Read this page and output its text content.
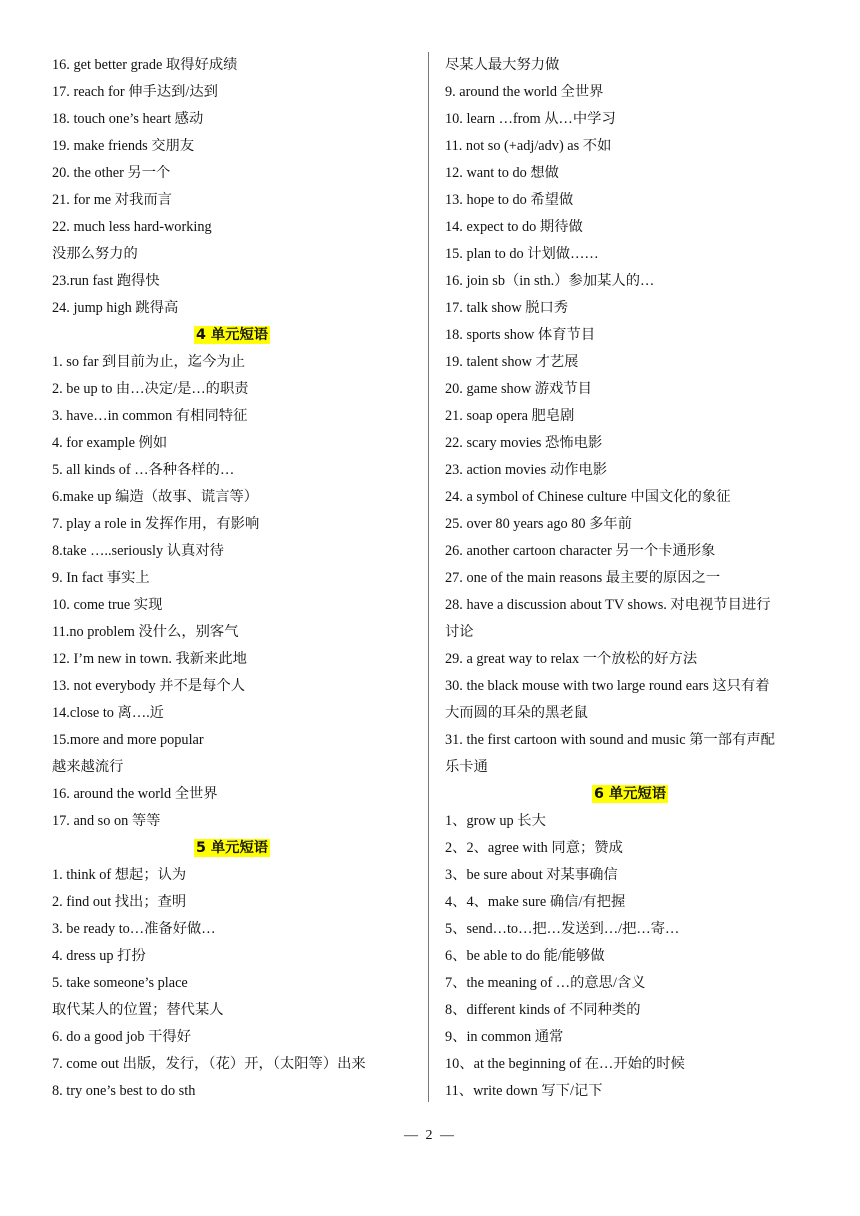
16. get better grade 取得好成绩
17. reach for 伸手达到/达到
18. touch one’s heart 感动
19. make friends 交朋友
20. the other 另一个
21. for me 对我而言
22. much less hard-working
没那么努力的
23.run fast 跑得快
24. jump high 跳得高
4 单元短语
1. so far 到目前为止，迄今为止
2. be up to 由…决定/是…的职责
3. have…in common 有相同特征
4. for example 例如
5. all kinds of …各种各样的…
6.make up 编造（故事、谎言等）
7. play a role in 发挥作用，有影响
8.take …..seriously 认真对待
9. In fact 事实上
10. come true 实现
11.no problem 没什么，别客气
12. I’m new in town. 我新来此地
13. not everybody 并不是每个人
14.close to 离….近
15.more and more popular
越来越流行
16. around the world 全世界
17. and so on 等等
5 单元短语
1. think of 想起；认为
2. find out 找出；查明
3. be ready to…准备好做…
4. dress up 打扮
5. take someone’s place
取代某人的位置；替代某人
6. do a good job 干得好
7. come out 出版，发行，（花）开，（太阳等）出来
8. try one’s best to do sth
尽某人最大努力做
9. around the world 全世界
10. learn …from 从…中学习
11. not so (+adj/adv) as 不如
12. want to do 想做
13. hope to do 希望做
14. expect to do 期待做
15. plan to do 计划做……
16. join sb（in sth.）参加某人的…
17. talk show 脱口秀
18. sports show 体育节目
19. talent show 才艺展
20. game show 游戏节目
21. soap opera 肥皂剧
22. scary movies 恐怖电影
23. action movies 动作电影
24. a symbol of Chinese culture 中国文化的象征
25. over 80 years ago 80 多年前
26. another cartoon character 另一个卡通形象
27. one of the main reasons 最主要的原因之一
28. have a discussion about TV shows. 对电视节目进行
讨论
29. a great way to relax 一个放松的好方法
30. the black mouse with two large round ears 这只有着
大而圆的耳朵的黑老鼠
31. the first cartoon with sound and music 第一部有声配
乐卡通
6 单元短语
1、grow up 长大
2、2、agree with 同意；赞成
3、be sure about 对某事确信
4、4、make sure 确信/有把握
5、send…to…把…发送到…/把…寄…
6、be able to do 能/能够做
7、the meaning of …的意思/含义
8、different kinds of 不同种类的
9、in common 通常
10、at the beginning of 在…开始的时候
11、write down 写下/记下
— 2 —
